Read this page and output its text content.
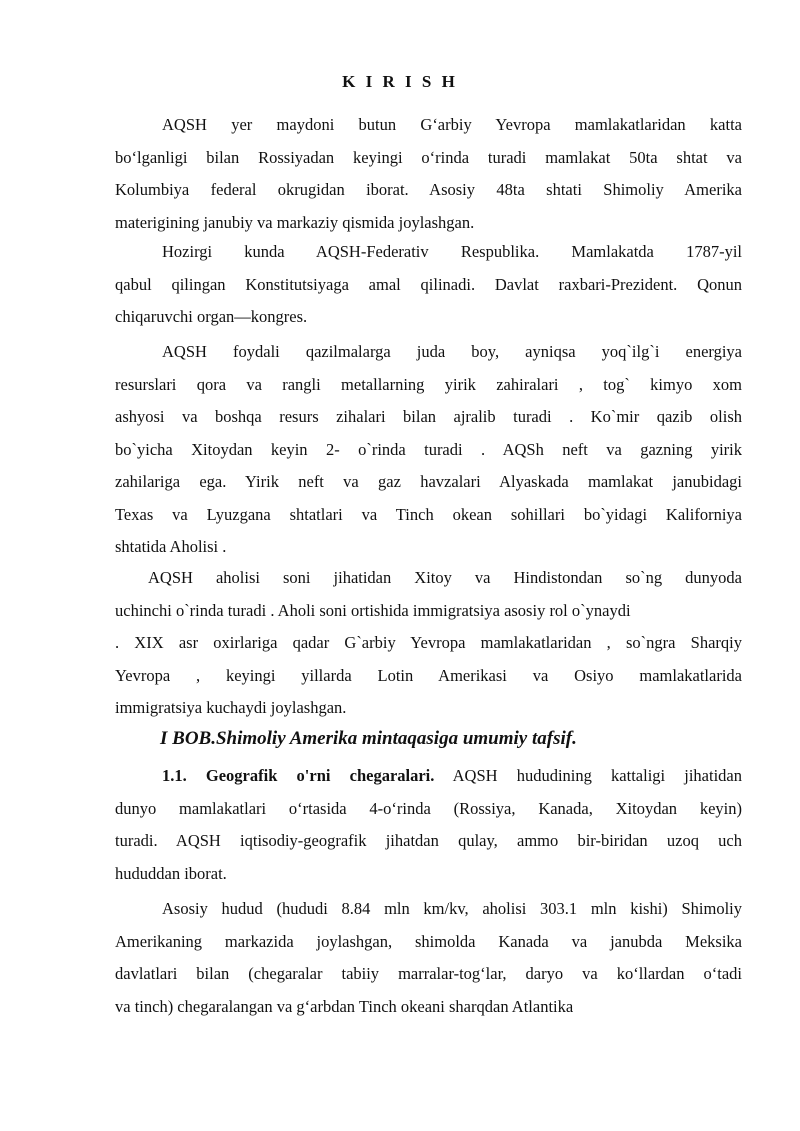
K I R I S H
AQSH yer maydoni butun G‘arbiy Yevropa mamlakatlaridan katta
bo‘lganligi bilan Rossiyadan keyingi o‘rinda turadi mamlakat 50ta shtat va
Kolumbiya federal okrugidan iborat. Asosiy 48ta shtati Shimoliy Amerika
materigining janubiy va markaziy qismida joylashgan.
Hozirgi kunda AQSH-Federativ Respublika. Mamlakatda 1787-yil
qabul qilingan Konstitutsiyaga amal qilinadi. Davlat raxbari-Prezident. Qonun
chiqaruvchi organ—kongres.
AQSH foydali qazilmalarga juda boy, ayniqsa yoq`ilg`i energiya
resurslari qora va rangli metallarning yirik zahiralari , tog` kimyo xom
ashyosi va boshqa resurs zihalari bilan ajralib turadi . Ko`mir qazib olish
bo`yicha Xitoydan keyin 2- o`rinda turadi . AQSh neft va gazning yirik
zahilariga ega. Yirik neft va gaz havzalari Alyaskada mamlakat janubidagi
Texas va Lyuzgana shtatlari va Tinch okean sohillari bo`yidagi Kaliforniya
shtatida Aholisi .
AQSH aholisi soni jihatidan Xitoy va Hindistondan so`ng dunyoda
uchinchi o`rinda turadi . Aholi soni ortishida immigratsiya asosiy rol o`ynaydi
. XIX asr oxirlariga qadar G`arbiy Yevropa mamlakatlaridan , so`ngra Sharqiy
Yevropa , keyingi yillarda Lotin Amerikasi va Osiyo mamlakatlarida
immigratsiya kuchaydi joylashgan.
I BOB.Shimoliy Amerika mintaqasiga umumiy tafsif.
1.1. Geografik o'rni chegaralari. AQSH hududining kattaligi jihatidan
dunyo mamlakatlari o‘rtasida 4-o‘rinda (Rossiya, Kanada, Xitoydan keyin)
turadi. AQSH iqtisodiy-geografik jihatdan qulay, ammo bir-biridan uzoq uch
hududdan iborat.
Asosiy hudud (hududi 8.84 mln km/kv, aholisi 303.1 mln kishi) Shimoliy
Amerikaning markazida joylashgan, shimolda Kanada va janubda Meksika
davlatlari bilan (chegaralar tabiiy marralar-tog‘lar, daryo va ko‘llardan o‘tadi
va tinch) chegaralangan va g‘arbdan Tinch okeani sharqdan Atlantika
